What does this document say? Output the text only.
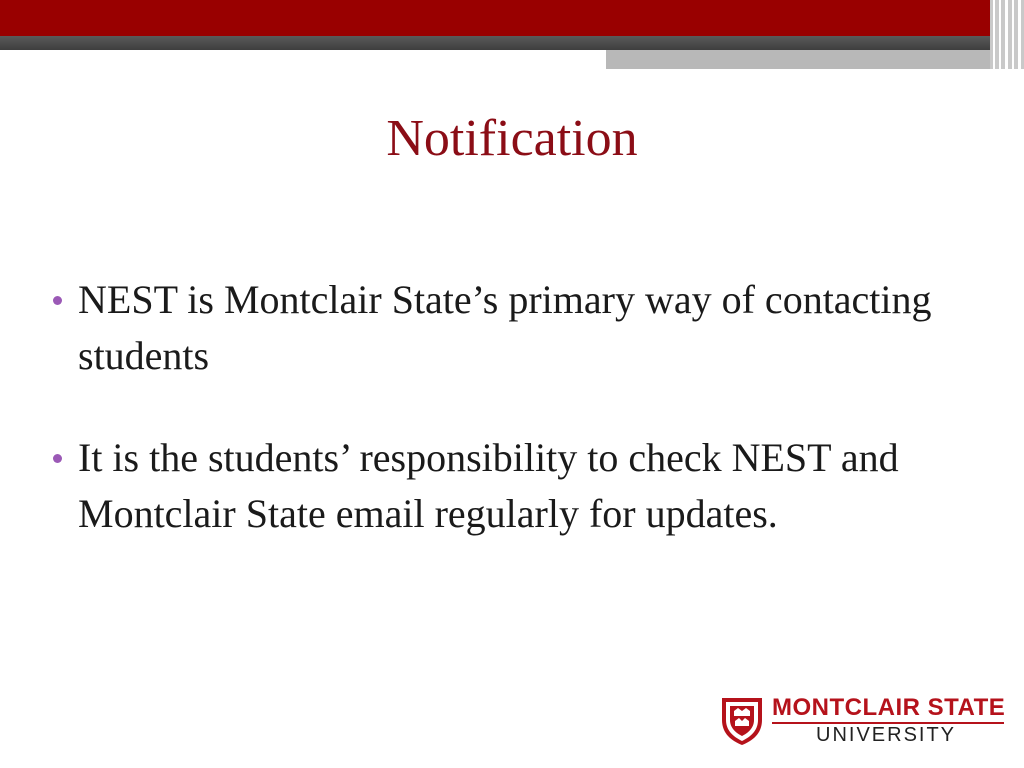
Notification
NEST is Montclair State’s primary way of contacting students
It is the students’ responsibility to check NEST and Montclair State email regularly for updates.
MONTCLAIR STATE
UNIVERSITY
